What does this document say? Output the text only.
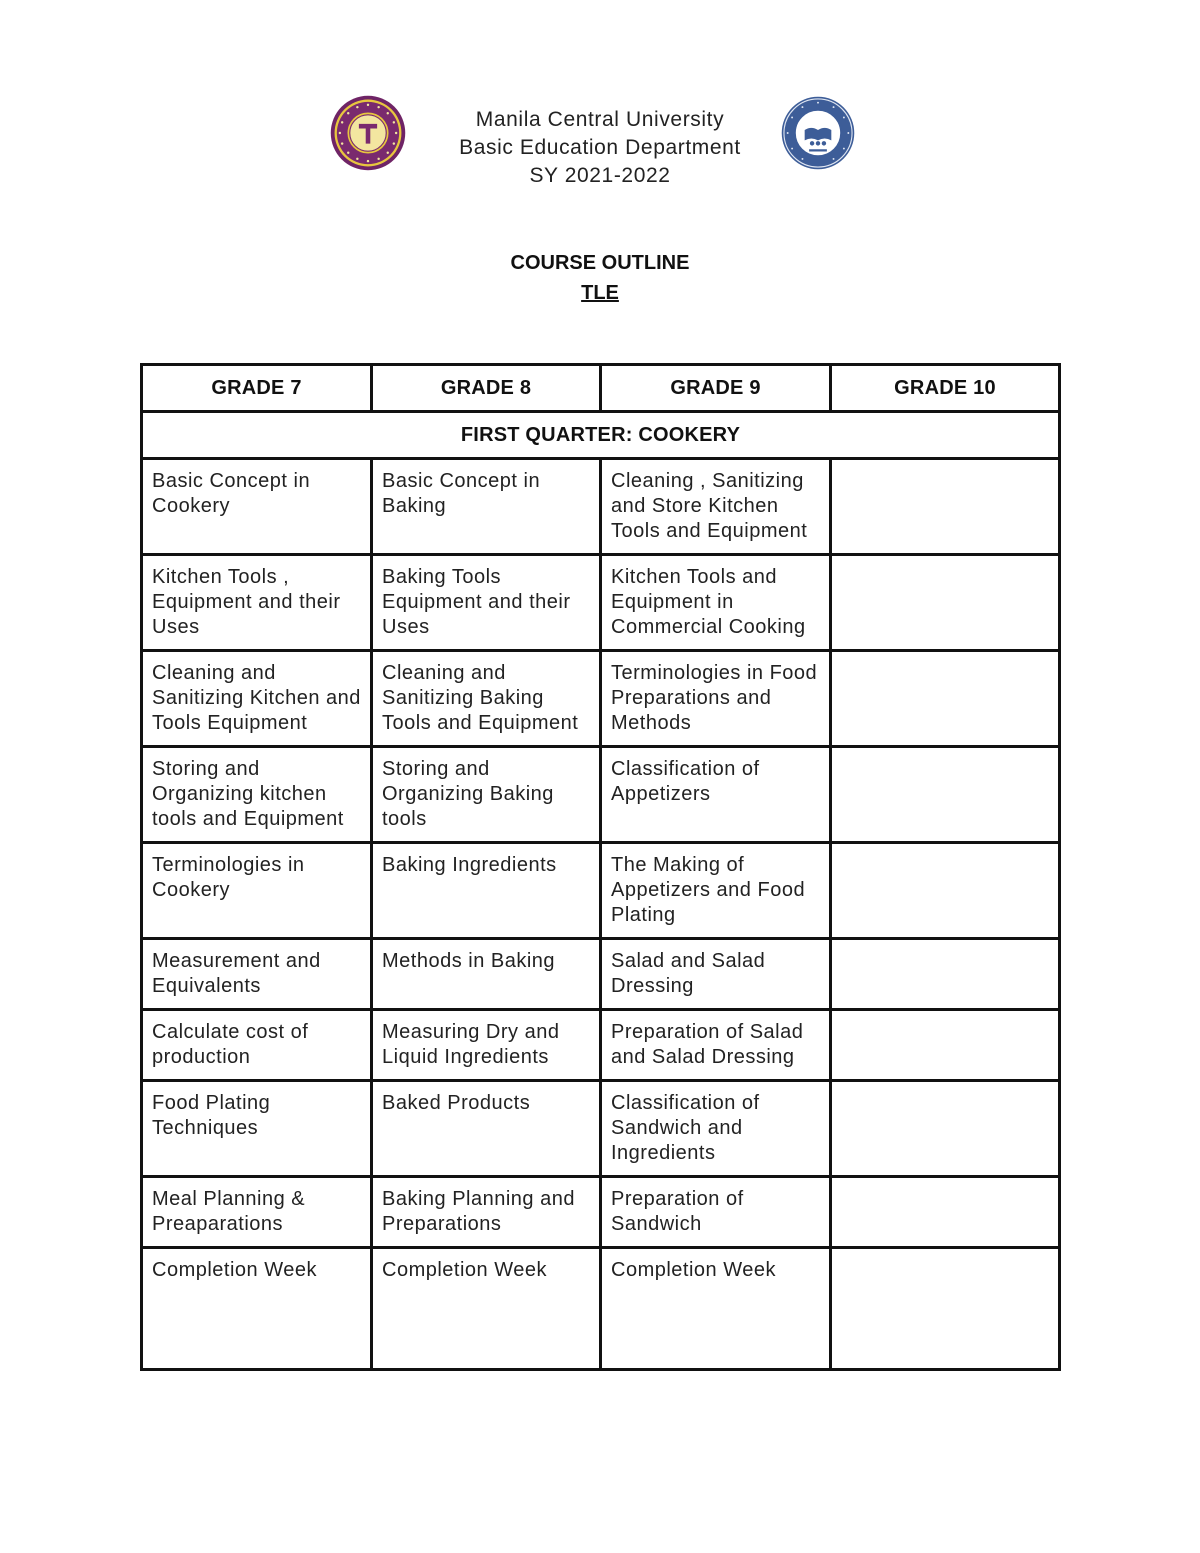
Manila Central University
Basic Education Department
SY 2021-2022
COURSE OUTLINE
TLE
GRADE 7	GRADE 8	GRADE 9	GRADE 10
FIRST QUARTER: COOKERY			
Basic Concept in Cookery	Basic Concept in Baking	Cleaning , Sanitizing and Store Kitchen Tools and Equipment	
Kitchen Tools , Equipment and their Uses	Baking Tools Equipment and their Uses	Kitchen Tools and Equipment in Commercial Cooking	
Cleaning and Sanitizing Kitchen and Tools Equipment	Cleaning and Sanitizing Baking Tools and Equipment	Terminologies in Food Preparations and Methods	
Storing and Organizing kitchen tools and Equipment	Storing and Organizing Baking tools	Classification of Appetizers	
Terminologies in Cookery	Baking Ingredients	The Making of Appetizers and Food Plating	
Measurement and Equivalents	Methods in Baking	Salad and Salad Dressing	
Calculate cost of production	Measuring Dry and Liquid Ingredients	Preparation of Salad and Salad Dressing	
Food Plating Techniques	Baked Products	Classification of Sandwich and Ingredients	
Meal Planning & Preaparations	Baking Planning and Preparations	Preparation of Sandwich	
Completion Week	Completion Week	Completion Week	
